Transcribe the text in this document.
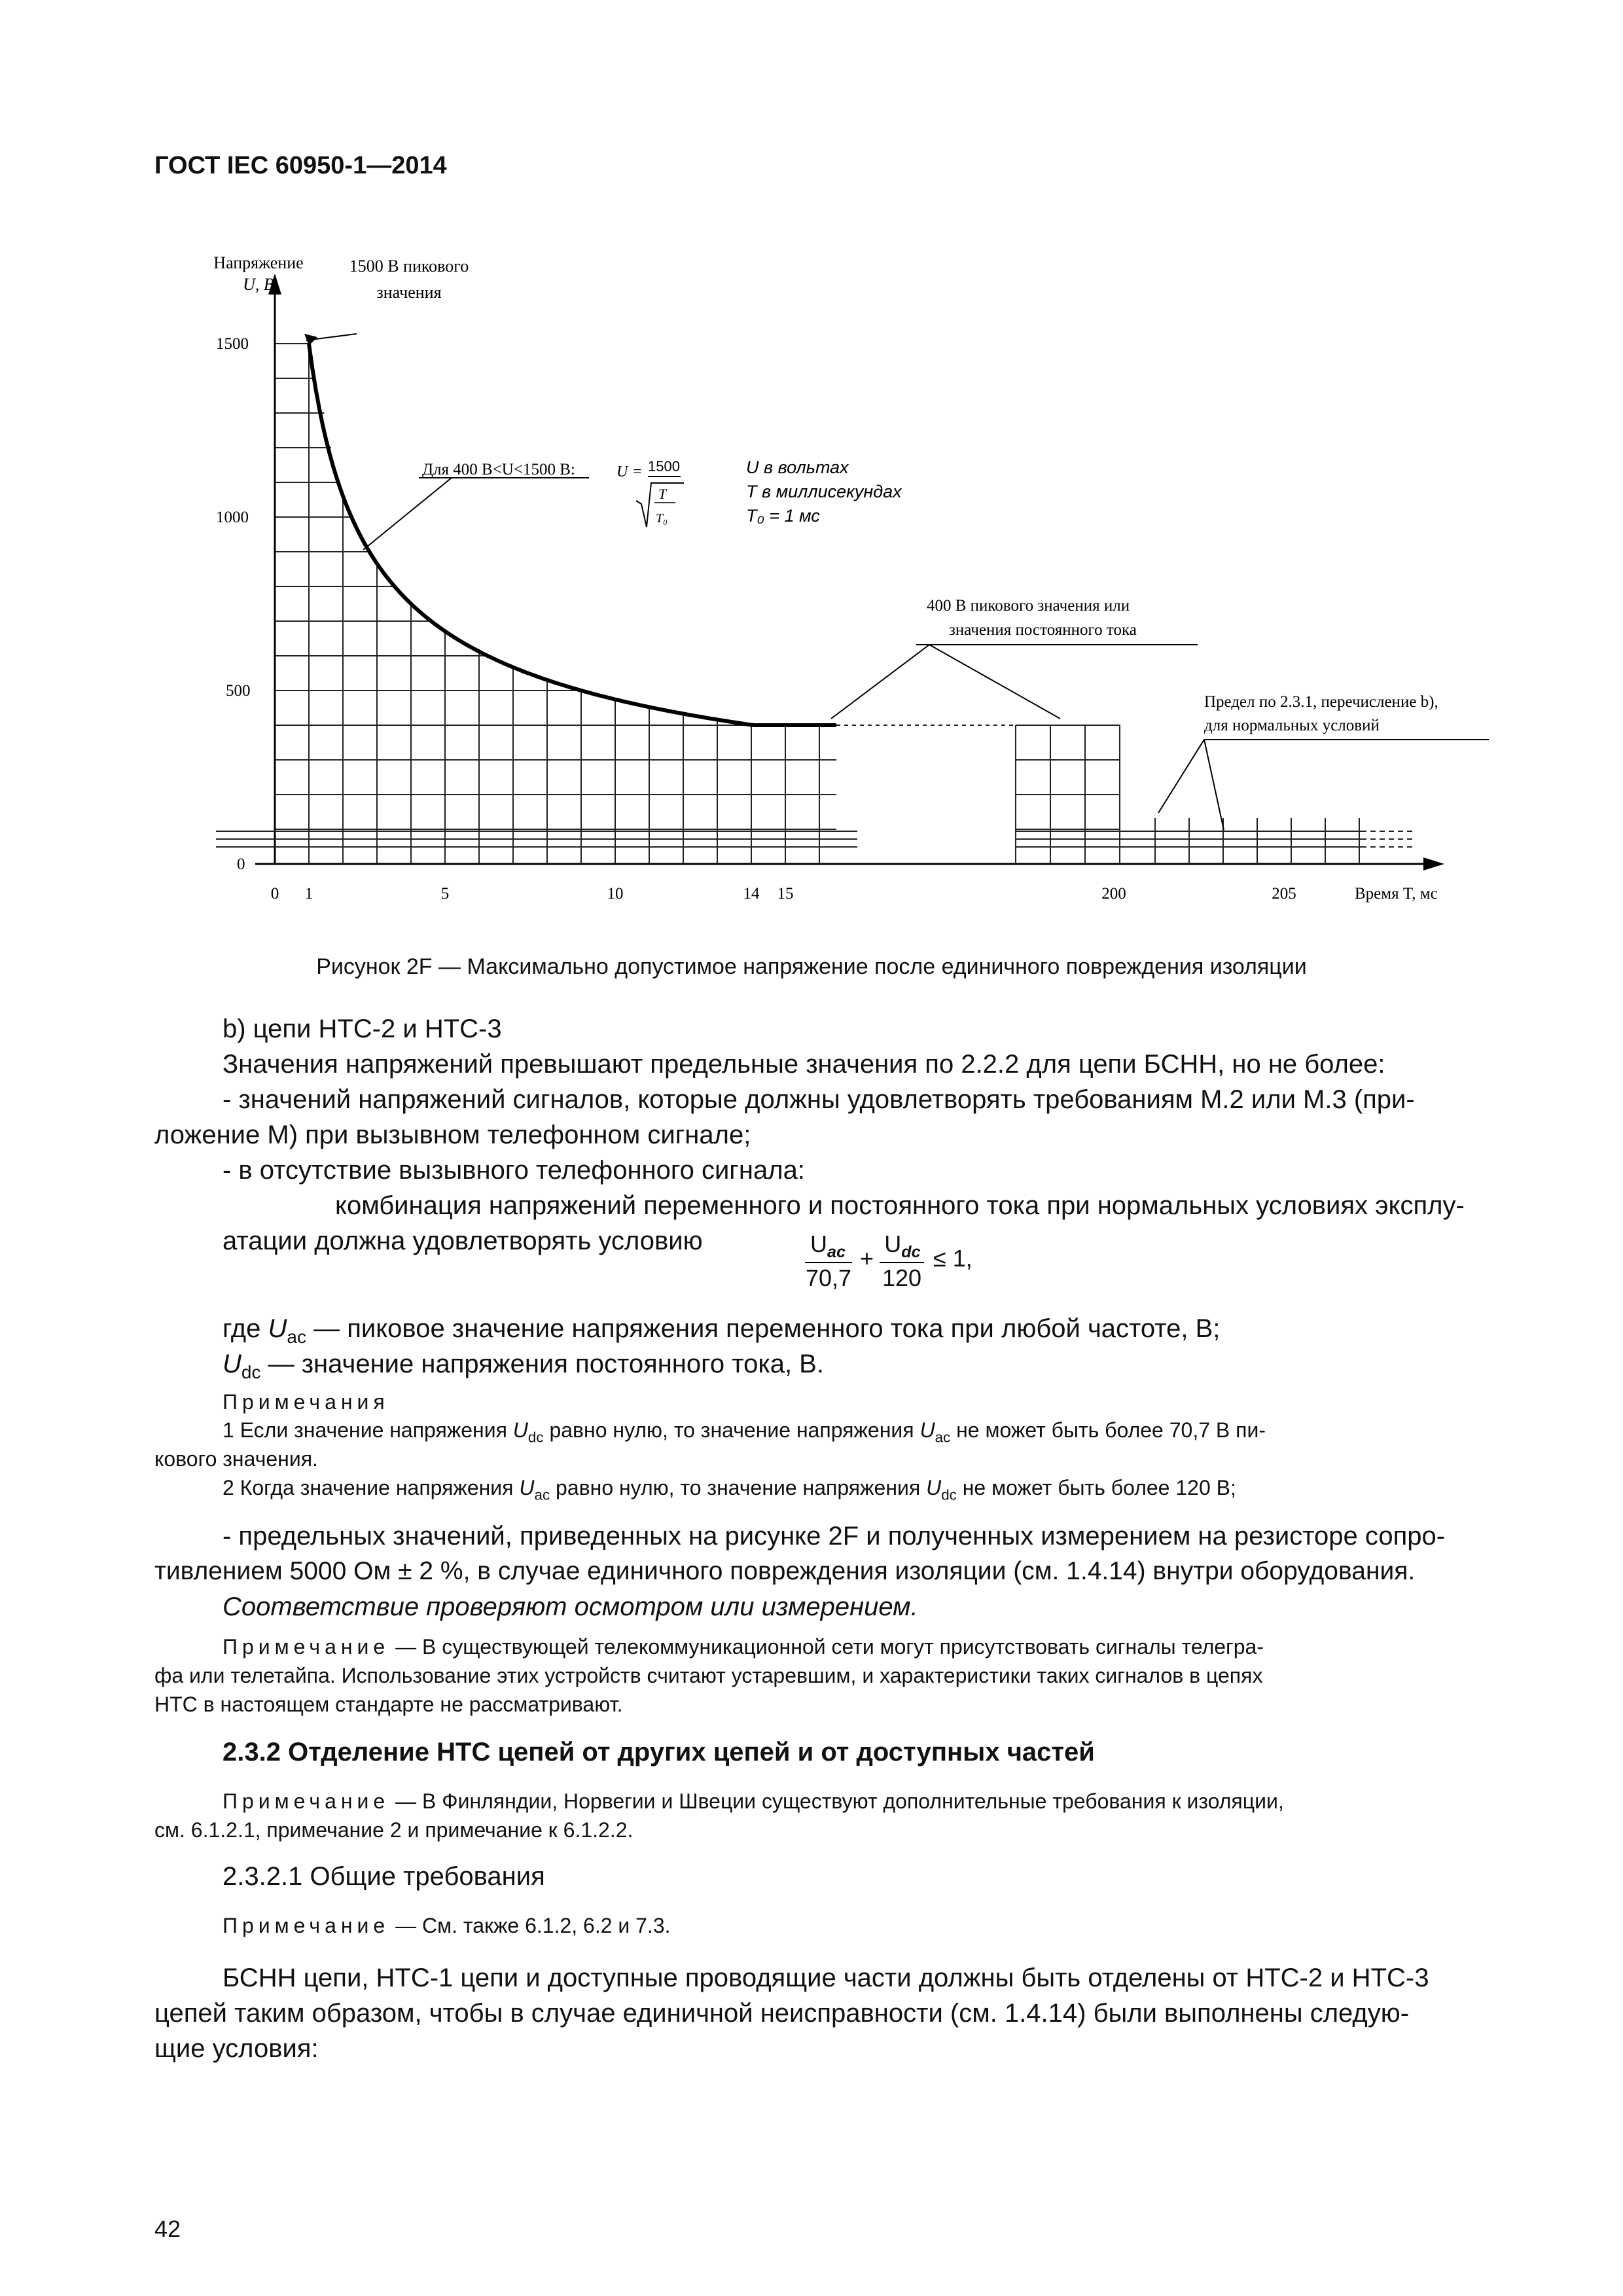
ГОСТ IEC 60950-1—2014
Напряжение
U, В
1500 В пикового
значения
1500
1000
500
0
0 1	5	10	14 15	200	205	Время T, мс
Для 400 В<U<1500 В:	U = 1500
T
T₀
U в вольтах
T в миллисекундах
T₀ = 1 мс
400 В пикового значения или
значения постоянного тока
Предел по 2.3.1, перечисление b),
для нормальных условий
Рисунок 2F — Максимально допустимое напряжение после единичного повреждения изоляции
b) цепи НТС-2 и НТС-3
Значения напряжений превышают предельные значения по 2.2.2 для цепи БСНН, но не более:
- значений напряжений сигналов, которые должны удовлетворять требованиям М.2 или М.3 (при-
ложение М) при вызывном телефонном сигнале;
- в отсутствие вызывного телефонного сигнала:
комбинация напряжений переменного и постоянного тока при нормальных условиях эксплу-
атации должна удовлетворять условию	$U_{ac}$
70,7
+
$U_{dc}$
120
≤ 1,
где $U_{ac}$ — пиковое значение напряжения переменного тока при любой частоте, В;
$U_{dc}$ — значение напряжения постоянного тока, В.
Примечания
1 Если значение напряжения $U_{dc}$ равно нулю, то значение напряжения $U_{ac}$ не может быть более 70,7 В пи-
кового значения.
2 Когда значение напряжения $U_{ac}$ равно нулю, то значение напряжения $U_{dc}$ не может быть более 120 В;
- предельных значений, приведенных на рисунке 2F и полученных измерением на резисторе сопро-
тивлением 5000 Ом ± 2 %, в случае единичного повреждения изоляции (см. 1.4.14) внутри оборудования.
Соответствие проверяют осмотром или измерением.
Примечание — В существующей телекоммуникационной сети могут присутствовать сигналы телегра-
фа или телетайпа. Использование этих устройств считают устаревшим, и характеристики таких сигналов в цепях
НТС в настоящем стандарте не рассматривают.
2.3.2 Отделение НТС цепей от других цепей и от доступных частей
Примечание — В Финляндии, Норвегии и Швеции существуют дополнительные требования к изоляции,
см. 6.1.2.1, примечание 2 и примечание к 6.1.2.2.
2.3.2.1 Общие требования
Примечание — См. также 6.1.2, 6.2 и 7.3.
БСНН цепи, НТС-1 цепи и доступные проводящие части должны быть отделены от НТС-2 и НТС-3
цепей таким образом, чтобы в случае единичной неисправности (см. 1.4.14) были выполнены следую-
щие условия:
42
